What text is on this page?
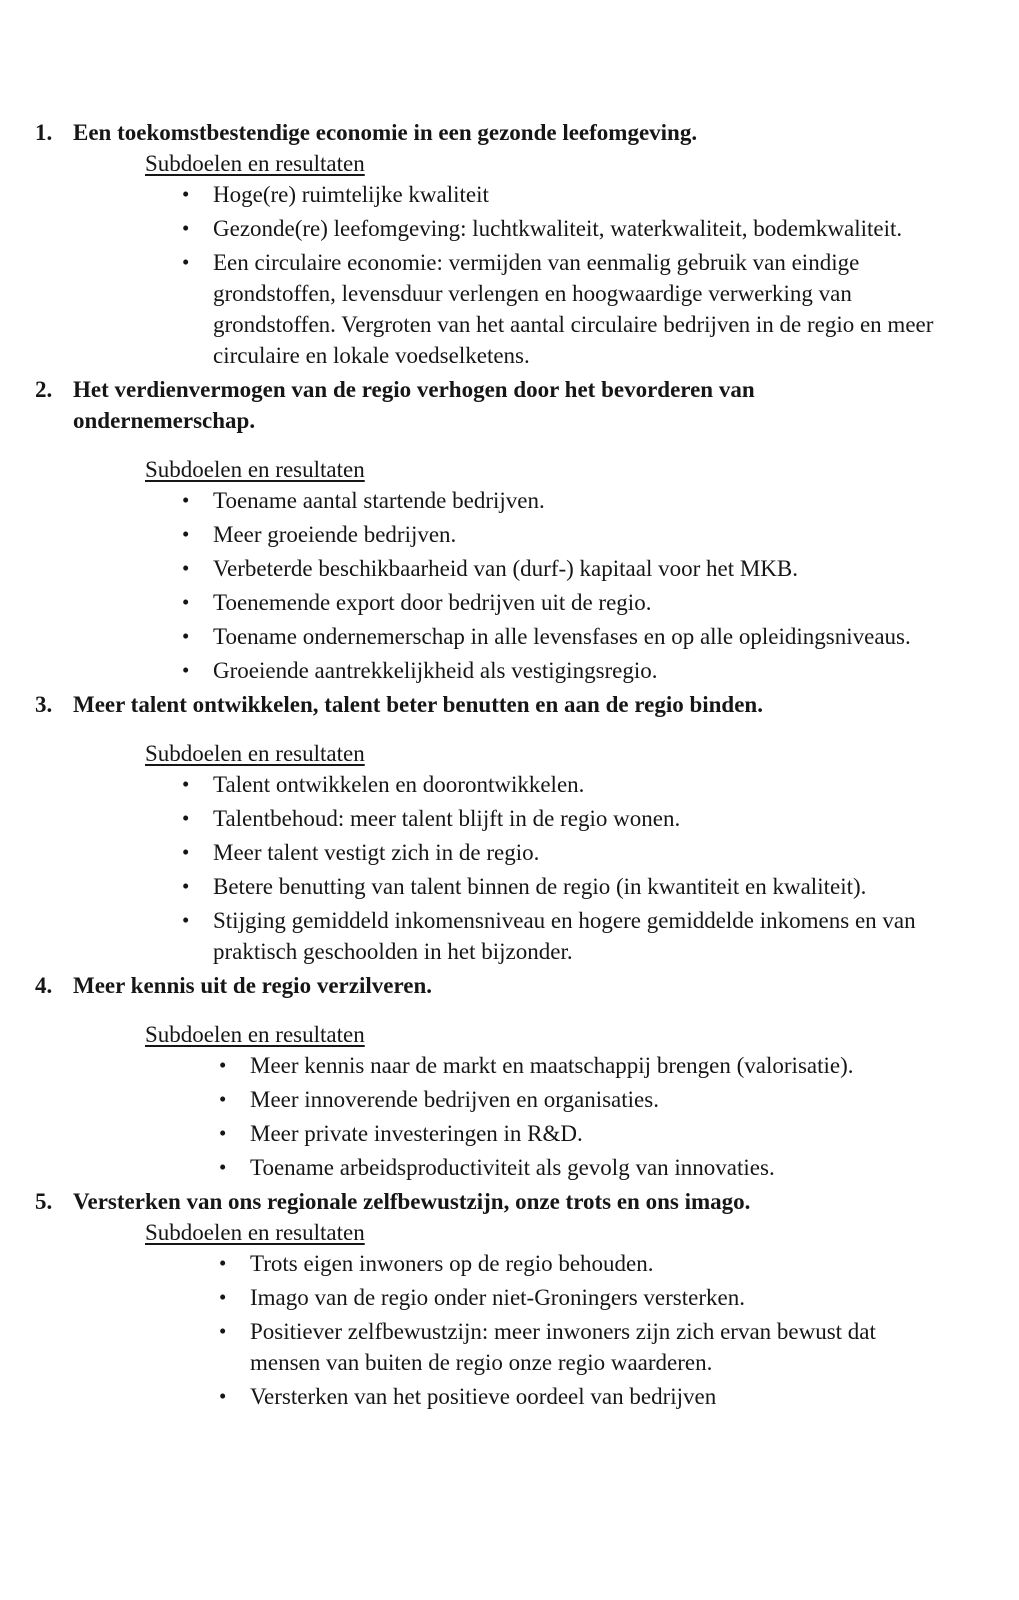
1. Een toekomstbestendige economie in een gezonde leefomgeving.
Subdoelen en resultaten
•	Hoge(re) ruimtelijke kwaliteit
•	Gezonde(re) leefomgeving: luchtkwaliteit, waterkwaliteit, bodemkwaliteit.
•	Een circulaire economie: vermijden van eenmalig gebruik van eindige grondstoffen, levensduur verlengen en hoogwaardige verwerking van grondstoffen. Vergroten van het aantal circulaire bedrijven in de regio en meer circulaire en lokale voedselketens.
2. Het verdienvermogen van de regio verhogen door het bevorderen van ondernemerschap.
Subdoelen en resultaten
•	Toename aantal startende bedrijven.
•	Meer groeiende bedrijven.
•	Verbeterde beschikbaarheid van (durf-) kapitaal voor het MKB.
•	Toenemende export door bedrijven uit de regio.
•	Toename ondernemerschap in alle levensfases en op alle opleidingsniveaus.
•	Groeiende aantrekkelijkheid als vestigingsregio.
3. Meer talent ontwikkelen, talent beter benutten en aan de regio binden.
Subdoelen en resultaten
•	Talent ontwikkelen en doorontwikkelen.
•	Talentbehoud: meer talent blijft in de regio wonen.
•	Meer talent vestigt zich in de regio.
•	Betere benutting van talent binnen de regio (in kwantiteit en kwaliteit).
•	Stijging gemiddeld inkomensniveau en hogere gemiddelde inkomens en van praktisch geschoolden in het bijzonder.
4. Meer kennis uit de regio verzilveren.
Subdoelen en resultaten
•	Meer kennis naar de markt en maatschappij brengen (valorisatie).
•	Meer innoverende bedrijven en organisaties.
•	Meer private investeringen in R&D.
•	Toename arbeidsproductiviteit als gevolg van innovaties.
5. Versterken van ons regionale zelfbewustzijn, onze trots en ons imago.
Subdoelen en resultaten
•	Trots eigen inwoners op de regio behouden.
•	Imago van de regio onder niet-Groningers versterken.
•	Positiever zelfbewustzijn: meer inwoners zijn zich ervan bewust dat mensen van buiten de regio onze regio waarderen.
•	Versterken van het positieve oordeel van bedrijven
